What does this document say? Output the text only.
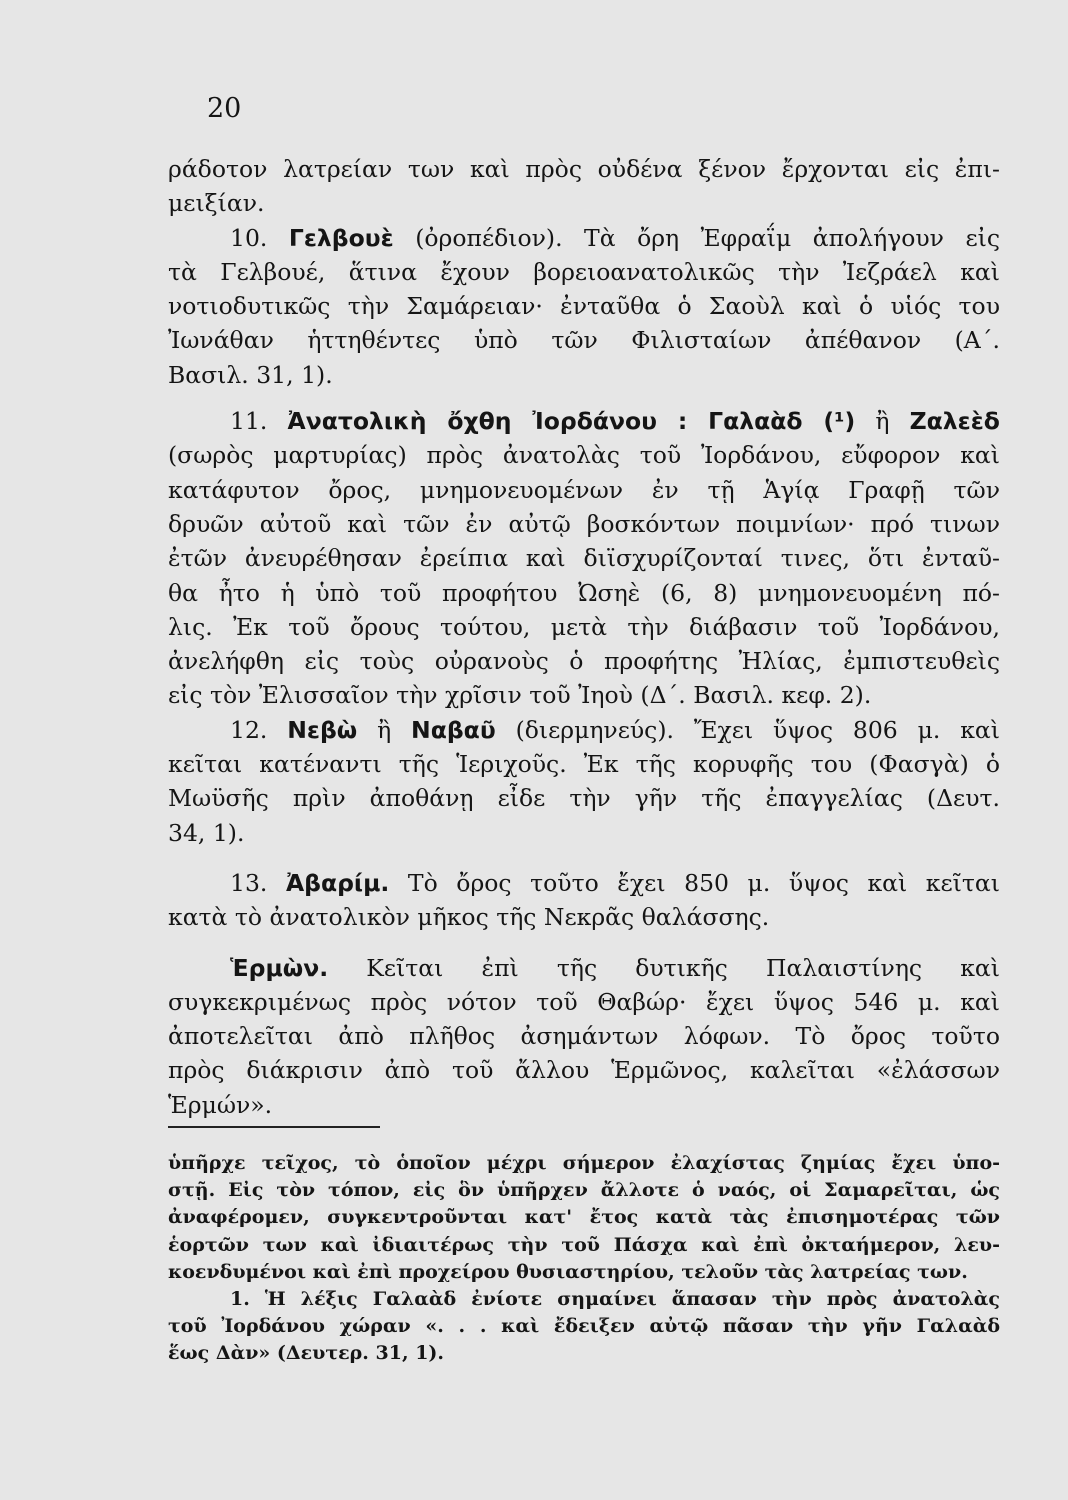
20
ράδοτον λατρείαν των καὶ πρὸς οὐδένα ξένον ἔρχονται εἰς ἐπι-
μειξίαν.
10. Γελβουὲ (ὀροπέδιον). Τὰ ὄρη Ἐφραΐμ ἀπολήγουν εἰς
τὰ Γελβουέ, ἅτινα ἔχουν βορειοανατολικῶς τὴν Ἰεζράελ καὶ
νοτιοδυτικῶς τὴν Σαμάρειαν· ἐνταῦθα ὁ Σαοὺλ καὶ ὁ υἱός του
Ἰωνάθαν ἡττηθέντες ὑπὸ τῶν Φιλισταίων ἀπέθανον (Α΄.
Βασιλ. 31, 1).
11. Ἀνατολικὴ ὄχθη Ἰορδάνου : Γαλαὰδ (¹) ἢ Ζαλεὲδ
(σωρὸς μαρτυρίας) πρὸς ἀνατολὰς τοῦ Ἰορδάνου, εὔφορον καὶ
κατάφυτον ὄρος, μνημονευομένων ἐν τῇ Ἁγίᾳ Γραφῇ τῶν
δρυῶν αὐτοῦ καὶ τῶν ἐν αὐτῷ βοσκόντων ποιμνίων· πρό τινων
ἐτῶν ἀνευρέθησαν ἐρείπια καὶ διϊσχυρίζονταί τινες, ὅτι ἐνταῦ-
θα ἦτο ἡ ὑπὸ τοῦ προφήτου Ὠσηὲ (6, 8) μνημονευομένη πό-
λις. Ἐκ τοῦ ὄρους τούτου, μετὰ τὴν διάβασιν τοῦ Ἰορδάνου,
ἀνελήφθη εἰς τοὺς οὐρανοὺς ὁ προφήτης Ἠλίας, ἐμπιστευθεὶς
εἰς τὸν Ἐλισσαῖον τὴν χρῖσιν τοῦ Ἰηοὺ (Δ΄. Βασιλ. κεφ. 2).
12. Νεβὼ ἢ Ναβαῦ (διερμηνεύς). Ἔχει ὕψος 806 μ. καὶ
κεῖται κατέναντι τῆς Ἱεριχοῦς. Ἐκ τῆς κορυφῆς του (Φασγὰ) ὁ
Μωϋσῆς πρὶν ἀποθάνῃ εἶδε τὴν γῆν τῆς ἐπαγγελίας (Δευτ.
34, 1).
13. Ἀβαρίμ. Τὸ ὄρος τοῦτο ἔχει 850 μ. ὕψος καὶ κεῖται
κατὰ τὸ ἀνατολικὸν μῆκος τῆς Νεκρᾶς θαλάσσης.
Ἑρμὼν. Κεῖται ἐπὶ τῆς δυτικῆς Παλαιστίνης καὶ
συγκεκριμένως πρὸς νότον τοῦ Θαβώρ· ἔχει ὕψος 546 μ. καὶ
ἀποτελεῖται ἀπὸ πλῆθος ἀσημάντων λόφων. Τὸ ὄρος τοῦτο
πρὸς διάκρισιν ἀπὸ τοῦ ἄλλου Ἑρμῶνος, καλεῖται «ἐλάσσων
Ἑρμών».
ὑπῆρχε τεῖχος, τὸ ὁποῖον μέχρι σήμερον ἐλαχίστας ζημίας ἔχει ὑπο-
στῇ. Εἰς τὸν τόπον, εἰς ὃν ὑπῆρχεν ἄλλοτε ὁ ναός, οἱ Σαμαρεῖται, ὡς
ἀναφέρομεν, συγκεντροῦνται κατ' ἔτος κατὰ τὰς ἐπισημοτέρας τῶν
ἑορτῶν των καὶ ἰδιαιτέρως τὴν τοῦ Πάσχα καὶ ἐπὶ ὀκταήμερον, λευ-
κοενδυμένοι καὶ ἐπὶ προχείρου θυσιαστηρίου, τελοῦν τὰς λατρείας των.
1. Ἡ λέξις Γαλαὰδ ἐνίοτε σημαίνει ἅπασαν τὴν πρὸς ἀνατολὰς
τοῦ Ἰορδάνου χώραν «. . . καὶ ἔδειξεν αὐτῷ πᾶσαν τὴν γῆν Γαλαὰδ
ἕως Δὰν» (Δευτερ. 31, 1).
